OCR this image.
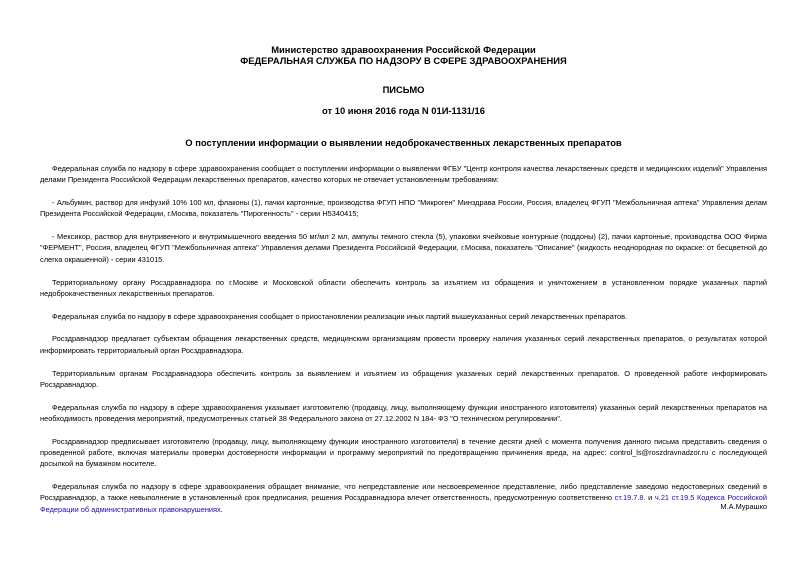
Министерство здравоохранения Российской Федерации
ФЕДЕРАЛЬНАЯ СЛУЖБА ПО НАДЗОРУ В СФЕРЕ ЗДРАВООХРАНЕНИЯ
ПИСЬМО
от 10 июня 2016 года N 01И-1131/16
О поступлении информации о выявлении недоброкачественных лекарственных препаратов

Федеральная служба по надзору в сфере здравоохранения сообщает о поступлении информации о выявлении ФГБУ "Центр контроля качества лекарственных средств и медицинских изделий" Управления делами Президента Российской Федерации лекарственных препаратов, качество которых не отвечает установленным требованиям:

- Альбумин, раствор для инфузий 10% 100 мл, флаконы (1), пачки картонные, производства ФГУП НПО "Микроген" Минздрава России, Россия, владелец ФГУП "Межбольничная аптека" Управления делам Президента Российской Федерации, г.Москва, показатель "Пирогенность" - серии Н5340415;

- Мексикор, раствор для внутривенного и внутримышечного введения 50 мг/мл 2 мл, ампулы темного стекла (5), упаковки ячейковые контурные (поддоны) (2), пачки картонные, производства ООО Фирма "ФЕРМЕНТ", Россия, владелец ФГУП "Межбольничная аптека" Управления делами Президента Российской Федерации, г.Москва, показатель "Описание" (жидкость неоднородная по окраске: от бесцветной до слегка окрашенной) - серии 431015.

Территориальному органу Росздравнадзора по г.Москве и Московской области обеспечить контроль за изъятием из обращения и уничтожением в установленном порядке указанных партий недоброкачественных лекарственных препаратов.

Федеральная служба по надзору в сфере здравоохранения сообщает о приостановлении реализации иных партий вышеуказанных серий лекарственных препаратов.

Росздравнадзор предлагает субъектам обращения лекарственных средств, медицинским организациям провести проверку наличия указанных серий лекарственных препаратов, о результатах которой информировать территориальный орган Росздравнадзора.

Территориальным органам Росздравнадзора обеспечить контроль за выявлением и изъятием из обращения указанных серий лекарственных препаратов. О проведенной работе информировать Росздравнадзор.

Федеральная служба по надзору в сфере здравоохранения указывает изготовителю (продавцу, лицу, выполняющему функции иностранного изготовителя) указанных серий лекарственных препаратов на необходимость проведения мероприятий, предусмотренных статьей 38 Федерального закона от 27.12.2002 N 184- ФЗ "О техническом регулировании".

Росздравнадзор предписывает изготовителю (продавцу, лицу, выполняющему функции иностранного изготовителя) в течение десяти дней с момента получения данного письма представить сведения о проведенной работе, включая материалы проверки достоверности информации и программу мероприятий по предотвращению причинения вреда, на адрес: control_ls@roszdravnadzor.ru с последующей досылкой на бумажном носителе.

Федеральная служба по надзору в сфере здравоохранения обращает внимание, что непредставление или несвоевременное представление, либо представление заведомо недостоверных сведений в Росздравнадзор, а также невыполнение в установленный срок предписания, решения Росздравнадзора влечет ответственность, предусмотренную соответственно ст.19.7.8. и ч.21 ст.19.5 Кодекса Российской Федерации об административных правонарушениях.	М.А.Мурашко
